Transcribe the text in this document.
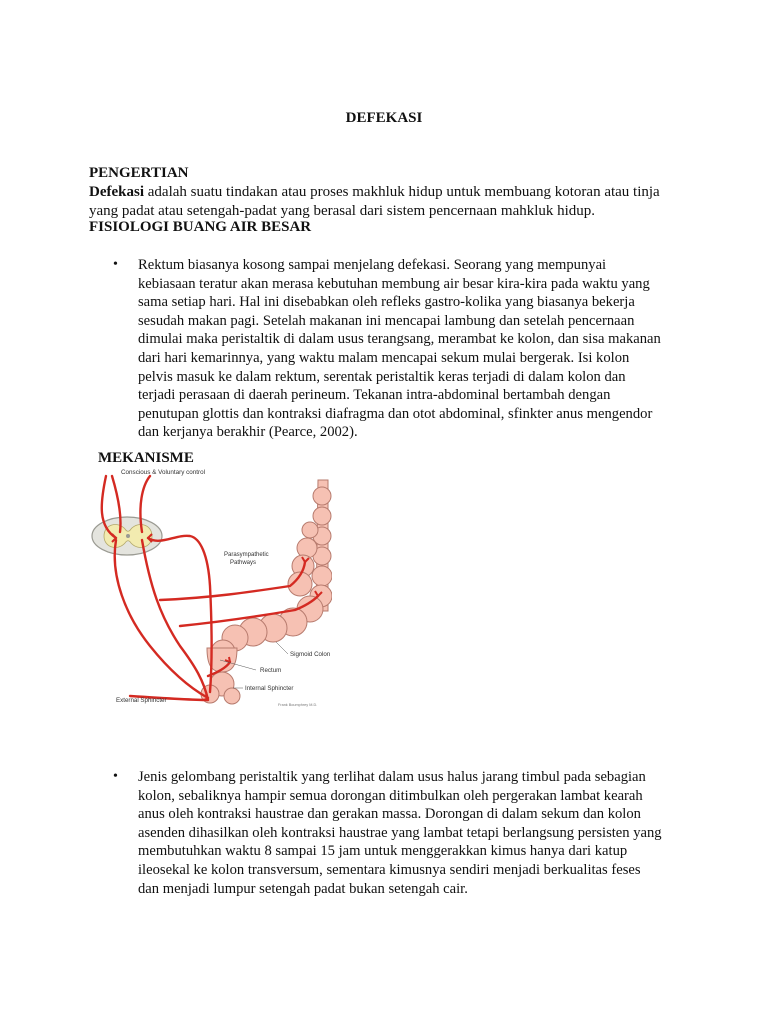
DEFEKASI
PENGERTIAN
Defekasi adalah suatu tindakan atau proses makhluk hidup untuk membuang kotoran atau tinja
yang padat atau setengah-padat yang berasal dari sistem pencernaan mahkluk hidup.
FISIOLOGI BUANG AIR BESAR
• Rektum biasanya kosong sampai menjelang defekasi. Seorang yang mempunyai
kebiasaan teratur akan merasa kebutuhan membung air besar kira-kira pada waktu yang
sama setiap hari. Hal ini disebabkan oleh refleks gastro-kolika yang biasanya bekerja
sesudah makan pagi. Setelah makanan ini mencapai lambung dan setelah pencernaan
dimulai maka peristaltik di dalam usus terangsang, merambat ke kolon, dan sisa makanan
dari hari kemarinnya, yang waktu malam mencapai sekum mulai bergerak. Isi kolon
pelvis masuk ke dalam rektum, serentak peristaltik keras terjadi di dalam kolon dan
terjadi perasaan di daerah perineum. Tekanan intra-abdominal bertambah dengan
penutupan glottis dan kontraksi diafragma dan otot abdominal, sfinkter anus mengendor
dan kerjanya berakhir (Pearce, 2002).
MEKANISME
Conscious & Voluntary control
Parasympathetic
Pathways
Sigmoid Colon
Rectum
Internal Sphincter
External Sphincter
Frank Boumphrey M.D.
• Jenis gelombang peristaltik yang terlihat dalam usus halus jarang timbul pada sebagian
kolon, sebaliknya hampir semua dorongan ditimbulkan oleh pergerakan lambat kearah
anus oleh kontraksi haustrae dan gerakan massa. Dorongan di dalam sekum dan kolon
asenden dihasilkan oleh kontraksi haustrae yang lambat tetapi berlangsung persisten yang
membutuhkan waktu 8 sampai 15 jam untuk menggerakkan kimus hanya dari katup
ileosekal ke kolon transversum, sementara kimusnya sendiri menjadi berkualitas feses
dan menjadi lumpur setengah padat bukan setengah cair.
